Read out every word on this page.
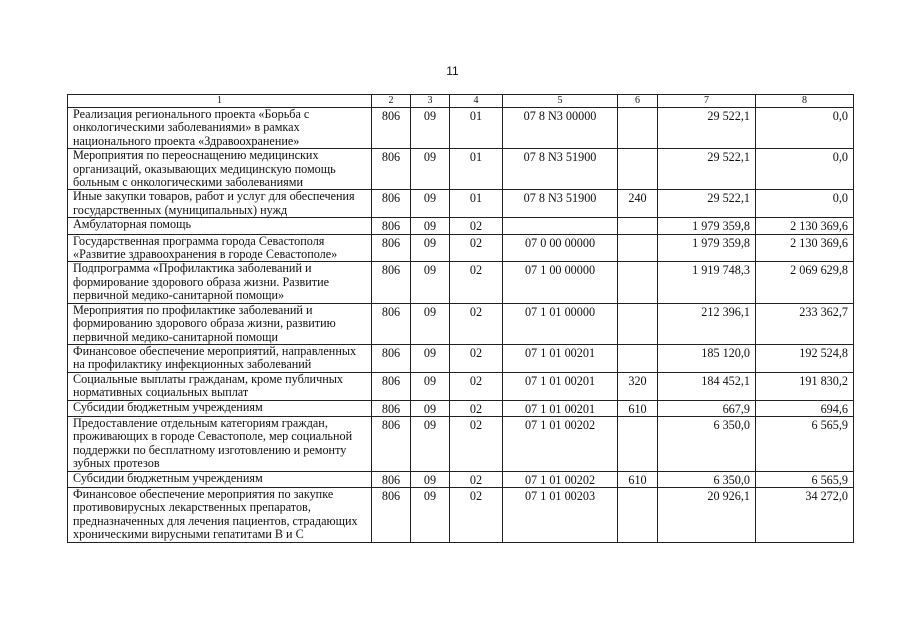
11
1	2	3	4	5	6	7	8
Реализация регионального проекта «Борьба с онкологическими заболеваниями» в рамках национального проекта «Здравоохранение»	806	09	01	07 8 N3 00000		29 522,1	0,0
Мероприятия по переоснащению медицинских организаций, оказывающих медицинскую помощь больным с онкологическими заболеваниями	806	09	01	07 8 N3 51900		29 522,1	0,0
Иные закупки товаров, работ и услуг для обеспечения государственных (муниципальных) нужд	806	09	01	07 8 N3 51900	240	29 522,1	0,0
Амбулаторная помощь	806	09	02			1 979 359,8	2 130 369,6
Государственная программа города Севастополя «Развитие здравоохранения в городе Севастополе»	806	09	02	07 0 00 00000		1 979 359,8	2 130 369,6
Подпрограмма «Профилактика заболеваний и формирование здорового образа жизни. Развитие первичной медико-санитарной помощи»	806	09	02	07 1 00 00000		1 919 748,3	2 069 629,8
Мероприятия по профилактике заболеваний и формированию здорового образа жизни, развитию первичной медико-санитарной помощи	806	09	02	07 1 01 00000		212 396,1	233 362,7
Финансовое обеспечение мероприятий, направленных на профилактику инфекционных заболеваний	806	09	02	07 1 01 00201		185 120,0	192 524,8
Социальные выплаты гражданам, кроме публичных нормативных социальных выплат	806	09	02	07 1 01 00201	320	184 452,1	191 830,2
Субсидии бюджетным учреждениям	806	09	02	07 1 01 00201	610	667,9	694,6
Предоставление отдельным категориям граждан, проживающих в городе Севастополе, мер социальной поддержки по бесплатному изготовлению и ремонту зубных протезов	806	09	02	07 1 01 00202		6 350,0	6 565,9
Субсидии бюджетным учреждениям	806	09	02	07 1 01 00202	610	6 350,0	6 565,9
Финансовое обеспечение мероприятия по закупке противовирусных лекарственных препаратов, предназначенных для лечения пациентов, страдающих хроническими вирусными гепатитами В и С	806	09	02	07 1 01 00203		20 926,1	34 272,0
